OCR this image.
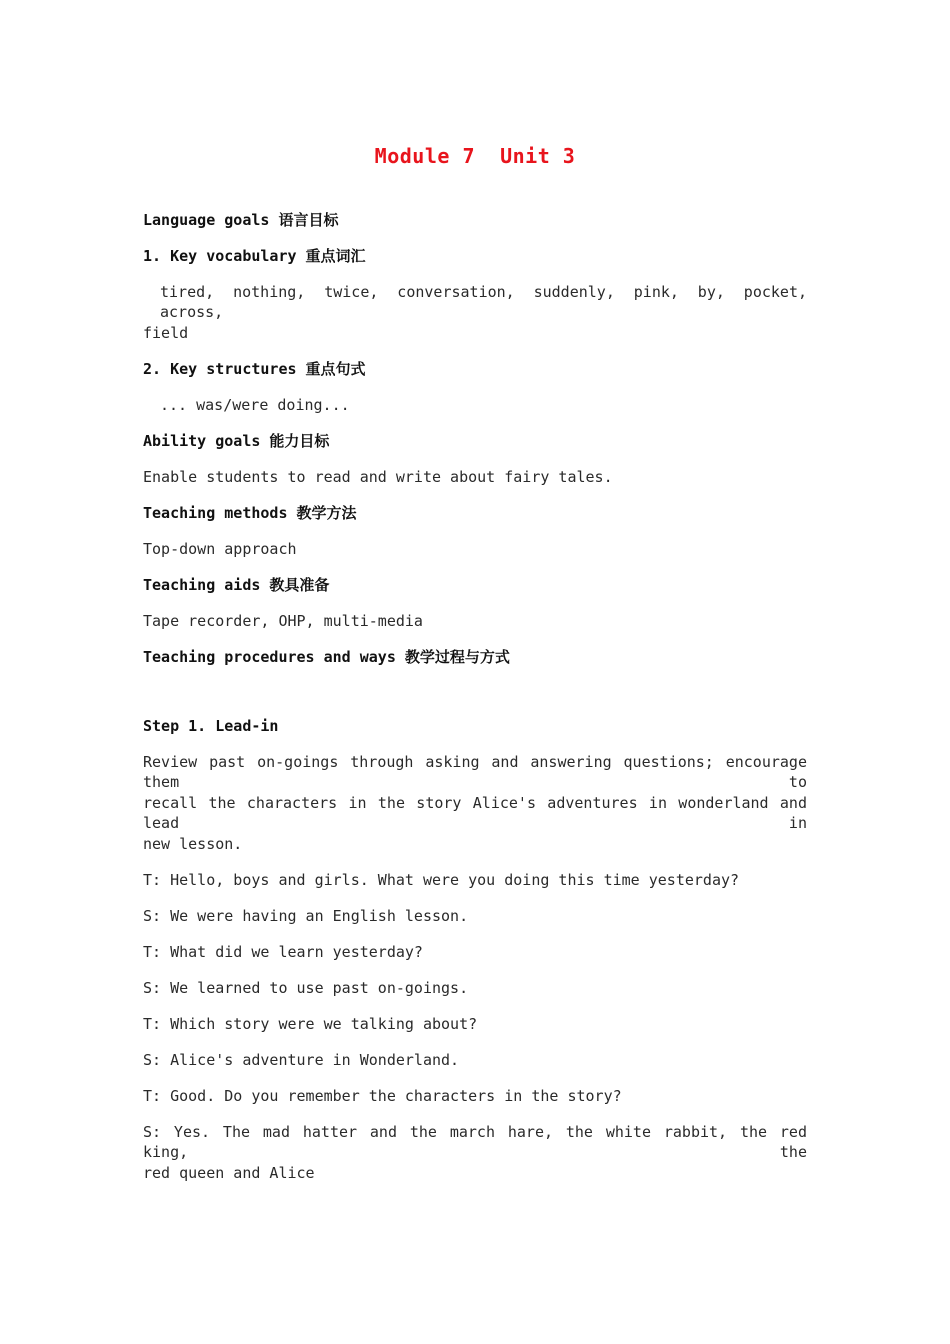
Module 7  Unit 3
Language goals 语言目标
1. Key vocabulary 重点词汇
tired, nothing, twice, conversation, suddenly, pink, by, pocket, across,
field
2. Key structures 重点句式
... was/were doing...
Ability goals 能力目标
Enable students to read and write about fairy tales.
Teaching methods 教学方法
Top-down approach
Teaching aids 教具准备
Tape recorder, OHP, multi-media
Teaching procedures and ways 教学过程与方式
Step 1. Lead-in
Review past on-goings through asking and answering questions; encourage them to
recall the characters in the story Alice's adventures in wonderland and lead in
new lesson.
T: Hello, boys and girls. What were you doing this time yesterday?
S: We were having an English lesson.
T: What did we learn yesterday?
S: We learned to use past on-goings.
T: Which story were we talking about?
S: Alice's adventure in Wonderland.
T: Good. Do you remember the characters in the story?
S: Yes. The mad hatter and the march hare, the white rabbit, the red king, the
red queen and Alice
